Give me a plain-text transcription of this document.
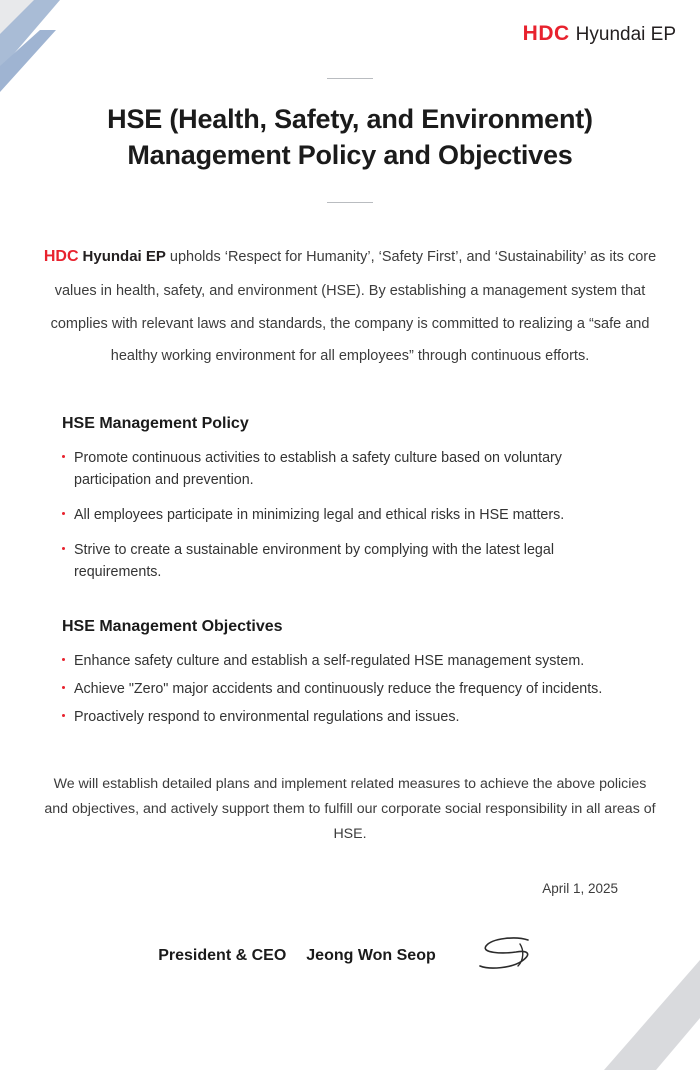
HDC Hyundai EP
HSE (Health, Safety, and Environment) Management Policy and Objectives

HDC Hyundai EP upholds ‘Respect for Humanity’, ‘Safety First’, and ‘Sustainability’ as its core values in health, safety, and environment (HSE). By establishing a management system that complies with relevant laws and standards, the company is committed to realizing a “safe and healthy working environment for all employees” through continuous efforts.

HSE Management Policy
Promote continuous activities to establish a safety culture based on voluntary participation and prevention.
All employees participate in minimizing legal and ethical risks in HSE matters.
Strive to create a sustainable environment by complying with the latest legal requirements.
HSE Management Objectives
Enhance safety culture and establish a self-regulated HSE management system.
Achieve "Zero" major accidents and continuously reduce the frequency of incidents.
Proactively respond to environmental regulations and issues.

We will establish detailed plans and implement related measures to achieve the above policies and objectives, and actively support them to fulfill our corporate social responsibility in all areas of HSE.

April 1, 2025
President & CEO Jeong Won Seop
